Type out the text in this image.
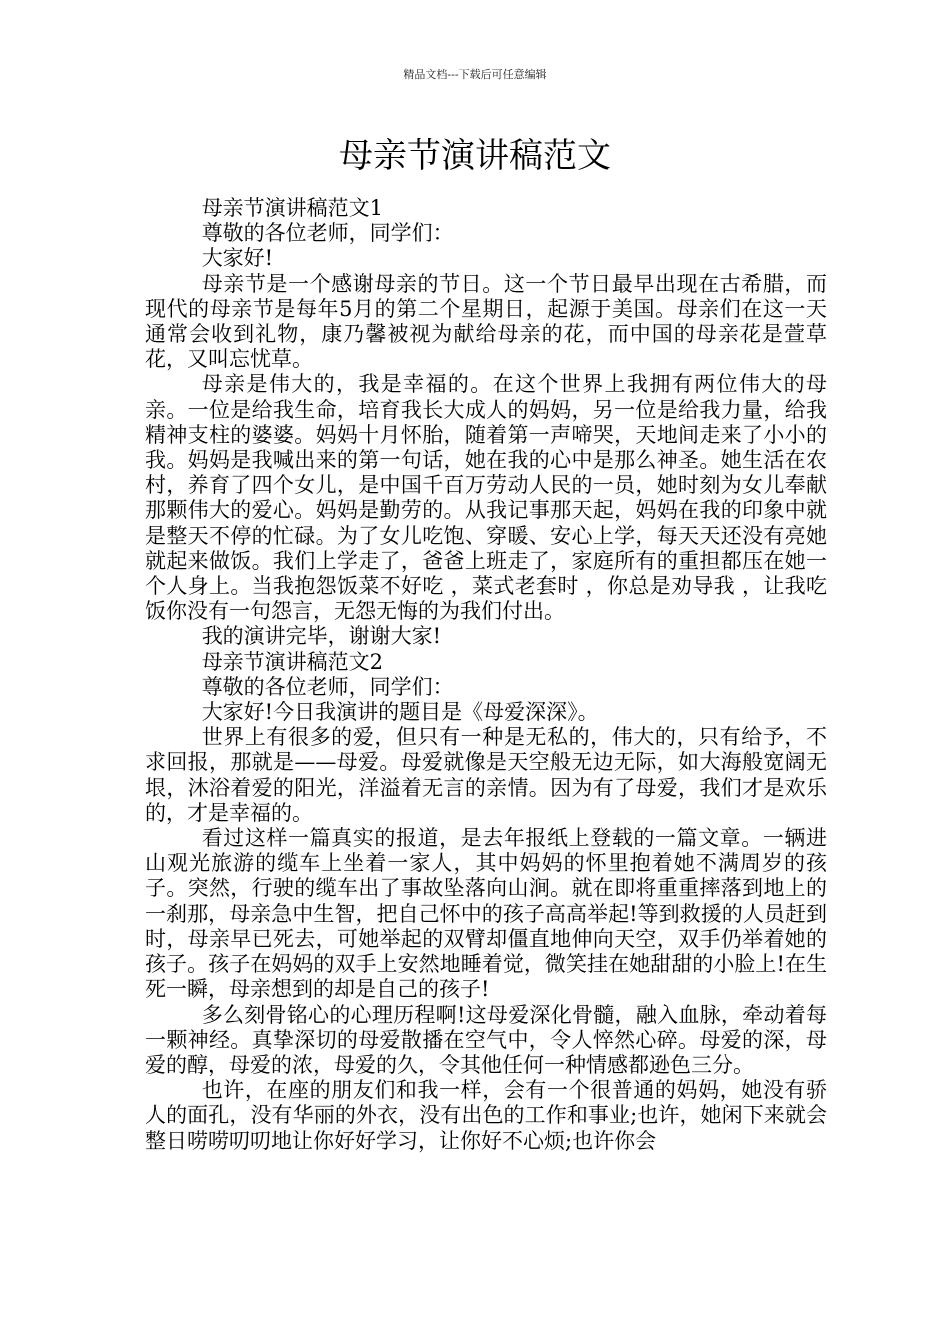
精品文档---下载后可任意编辑
母亲节演讲稿范文

母亲节演讲稿范文1

尊敬的各位老师，同学们：

大家好!

母亲节是一个感谢母亲的节日。这一个节日最早出现在古希腊，而现代的母亲节是每年5月的第二个星期日，起源于美国。母亲们在这一天通常会收到礼物，康乃馨被视为献给母亲的花，而中国的母亲花是萱草花，又叫忘忧草。

母亲是伟大的，我是幸福的。在这个世界上我拥有两位伟大的母亲。一位是给我生命，培育我长大成人的妈妈，另一位是给我力量，给我精神支柱的婆婆。妈妈十月怀胎，随着第一声啼哭，天地间走来了小小的我。妈妈是我喊出来的第一句话，她在我的心中是那么神圣。她生活在农村，养育了四个女儿，是中国千百万劳动人民的一员，她时刻为女儿奉献那颗伟大的爱心。妈妈是勤劳的。从我记事那天起，妈妈在我的印象中就是整天不停的忙碌。为了女儿吃饱、穿暖、安心上学，每天天还没有亮她就起来做饭。我们上学走了，爸爸上班走了，家庭所有的重担都压在她一个人身上。当我抱怨饭菜不好吃 ，菜式老套时 ，你总是劝导我 ，让我吃饭你没有一句怨言，无怨无悔的为我们付出。

我的演讲完毕，谢谢大家!

母亲节演讲稿范文2

尊敬的各位老师，同学们：

大家好!今日我演讲的题目是《母爱深深》。

世界上有很多的爱，但只有一种是无私的，伟大的，只有给予，不求回报，那就是——母爱。母爱就像是天空般无边无际，如大海般宽阔无垠，沐浴着爱的阳光，洋溢着无言的亲情。因为有了母爱，我们才是欢乐的，才是幸福的。

看过这样一篇真实的报道，是去年报纸上登载的一篇文章。一辆进山观光旅游的缆车上坐着一家人，其中妈妈的怀里抱着她不满周岁的孩子。突然，行驶的缆车出了事故坠落向山涧。就在即将重重摔落到地上的一刹那，母亲急中生智，把自己怀中的孩子高高举起!等到救援的人员赶到时，母亲早已死去，可她举起的双臂却僵直地伸向天空，双手仍举着她的孩子。孩子在妈妈的双手上安然地睡着觉，微笑挂在她甜甜的小脸上!在生死一瞬，母亲想到的却是自己的孩子!

多么刻骨铭心的心理历程啊!这母爱深化骨髓，融入血脉，牵动着每一颗神经。真挚深切的母爱散播在空气中，令人悴然心碎。母爱的深，母爱的醇，母爱的浓，母爱的久，令其他任何一种情感都逊色三分。

也许，在座的朋友们和我一样，会有一个很普通的妈妈，她没有骄人的面孔，没有华丽的外衣，没有出色的工作和事业;也许，她闲下来就会整日唠唠叨叨地让你好好学习，让你好不心烦;也许你会
